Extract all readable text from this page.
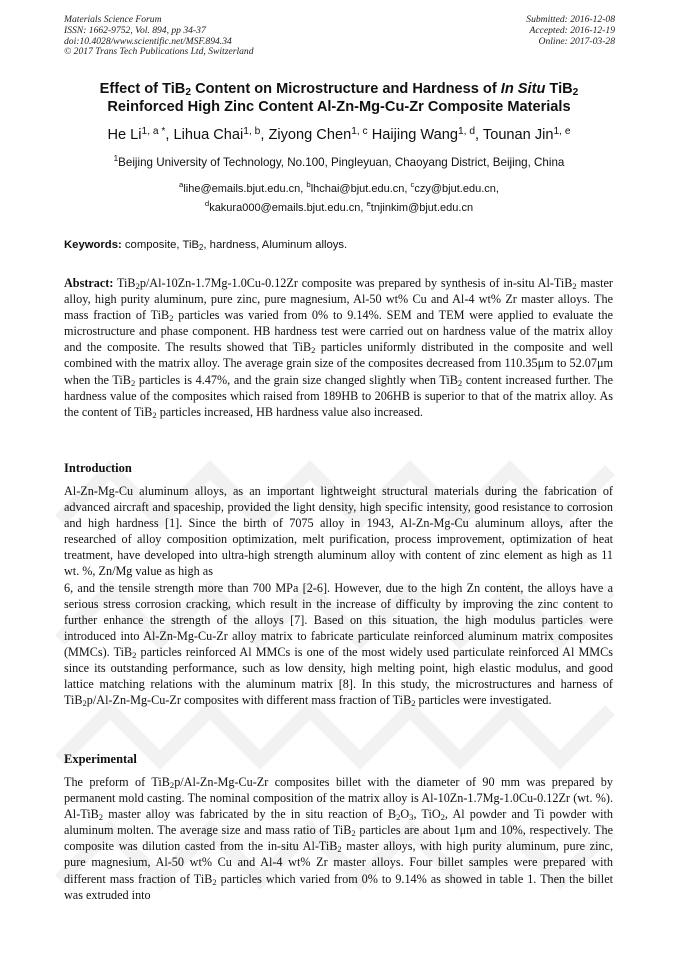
Materials Science Forum
ISSN: 1662-9752, Vol. 894, pp 34-37
doi:10.4028/www.scientific.net/MSF.894.34
© 2017 Trans Tech Publications Ltd, Switzerland
Submitted: 2016-12-08
Accepted: 2016-12-19
Online: 2017-03-28
Effect of TiB$_2$ Content on Microstructure and Hardness of In Situ TiB$_2$
Reinforced High Zinc Content Al-Zn-Mg-Cu-Zr Composite Materials
He $Li^{1, a *}$, Lihua Chai$^{1, b}$, Ziyong Chen$^{1, c}$ Haijing Wang$^{1, d}$, Tounan Jin$^{1, e}$
$^1$Beijing University of Technology, No.100, Pingleyuan, Chaoyang District, Beijing, China
$^a$lihe@emails.bjut.edu.cn, $^b$lhchai@bjut.edu.cn, $^c$czy@bjut.edu.cn,
$^d$kakura000@emails.bjut.edu.cn, $^e$tnjinkim@bjut.edu.cn
Keywords: composite, TiB$_2$, hardness, Aluminum alloys.
Abstract: TiB$_2$p/Al-10Zn-1.7Mg-1.0Cu-0.12Zr composite was prepared by synthesis of in-situ Al-TiB$_2$ master alloy, high purity aluminum, pure zinc, pure magnesium, Al-50 wt% Cu and Al-4 wt% Zr master alloys. The mass fraction of TiB$_2$ particles was varied from 0% to 9.14%. SEM and TEM were applied to evaluate the microstructure and phase component. HB hardness test were carried out on hardness value of the matrix alloy and the composite. The results showed that TiB$_2$ particles uniformly distributed in the composite and well combined with the matrix alloy. The average grain size of the composites decreased from 110.35μm to 52.07μm when the TiB$_2$ particles is 4.47%, and the grain size changed slightly when TiB$_2$ content increased further. The hardness value of the composites which raised from 189HB to 206HB is superior to that of the matrix alloy. As the content of TiB$_2$ particles increased, HB hardness value also increased.
Introduction
Al-Zn-Mg-Cu aluminum alloys, as an important lightweight structural materials during the fabrication of advanced aircraft and spaceship, provided the light density, high specific intensity, good resistance to corrosion and high hardness [1]. Since the birth of 7075 alloy in 1943, Al-Zn-Mg-Cu aluminum alloys, after the researched of alloy composition optimization, melt purification, process improvement, optimization of heat treatment, have developed into ultra-high strength aluminum alloy with content of zinc element as high as 11 wt. %, Zn/Mg value as high as
6, and the tensile strength more than 700 MPa [2-6]. However, due to the high Zn content, the alloys have a serious stress corrosion cracking, which result in the increase of difficulty by improving the zinc content to further enhance the strength of the alloys [7]. Based on this situation, the high modulus particles were introduced into Al-Zn-Mg-Cu-Zr alloy matrix to fabricate particulate reinforced aluminum matrix composites (MMCs). TiB$_2$ particles reinforced Al MMCs is one of the most widely used particulate reinforced Al MMCs since its outstanding performance, such as low density, high melting point, high elastic modulus, and good lattice matching relations with the aluminum matrix [8]. In this study, the microstructures and harness of TiB$_2$p/Al-Zn-Mg-Cu-Zr composites with different mass fraction of TiB$_2$ particles were investigated.
Experimental
The preform of TiB$_2$p/Al-Zn-Mg-Cu-Zr composites billet with the diameter of 90 mm was prepared by permanent mold casting. The nominal composition of the matrix alloy is Al-10Zn-1.7Mg-1.0Cu-0.12Zr (wt. %). Al-TiB$_2$ master alloy was fabricated by the in situ reaction of $B_2O_3$, TiO$_2$, Al powder and Ti powder with aluminum molten. The average size and mass ratio of TiB$_2$ particles are about 1μm and 10%, respectively. The composite was dilution casted from the in-situ Al-TiB$_2$ master alloys, with high purity aluminum, pure zinc, pure magnesium, Al-50 wt% Cu and Al-4 wt% Zr master alloys. Four billet samples were prepared with different mass fraction of TiB$_2$ particles which varied from 0% to 9.14% as showed in table 1. Then the billet was extruded into
